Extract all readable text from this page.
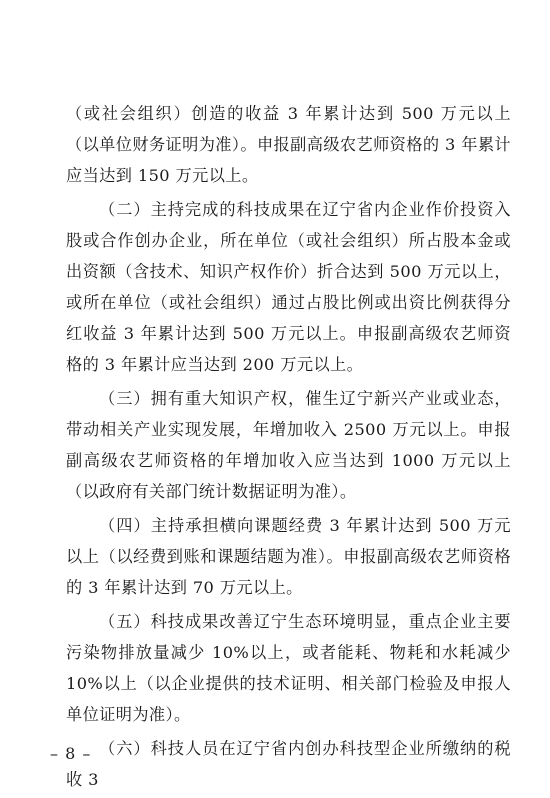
（或社会组织）创造的收益 3 年累计达到 500 万元以上（以单位财务证明为准）。申报副高级农艺师资格的 3 年累计应当达到 150 万元以上。

（二）主持完成的科技成果在辽宁省内企业作价投资入股或合作创办企业，所在单位（或社会组织）所占股本金或出资额（含技术、知识产权作价）折合达到 500 万元以上，或所在单位（或社会组织）通过占股比例或出资比例获得分红收益 3 年累计达到 500 万元以上。申报副高级农艺师资格的 3 年累计应当达到 200 万元以上。

（三）拥有重大知识产权，催生辽宁新兴产业或业态，带动相关产业实现发展，年增加收入 2500 万元以上。申报副高级农艺师资格的年增加收入应当达到 1000 万元以上（以政府有关部门统计数据证明为准）。

（四）主持承担横向课题经费 3 年累计达到 500 万元以上（以经费到账和课题结题为准）。申报副高级农艺师资格的 3 年累计达到 70 万元以上。

（五）科技成果改善辽宁生态环境明显，重点企业主要污染物排放量减少 10%以上，或者能耗、物耗和水耗减少 10%以上（以企业提供的技术证明、相关部门检验及申报人单位证明为准）。

（六）科技人员在辽宁省内创办科技型企业所缴纳的税收 3

– 8 –
